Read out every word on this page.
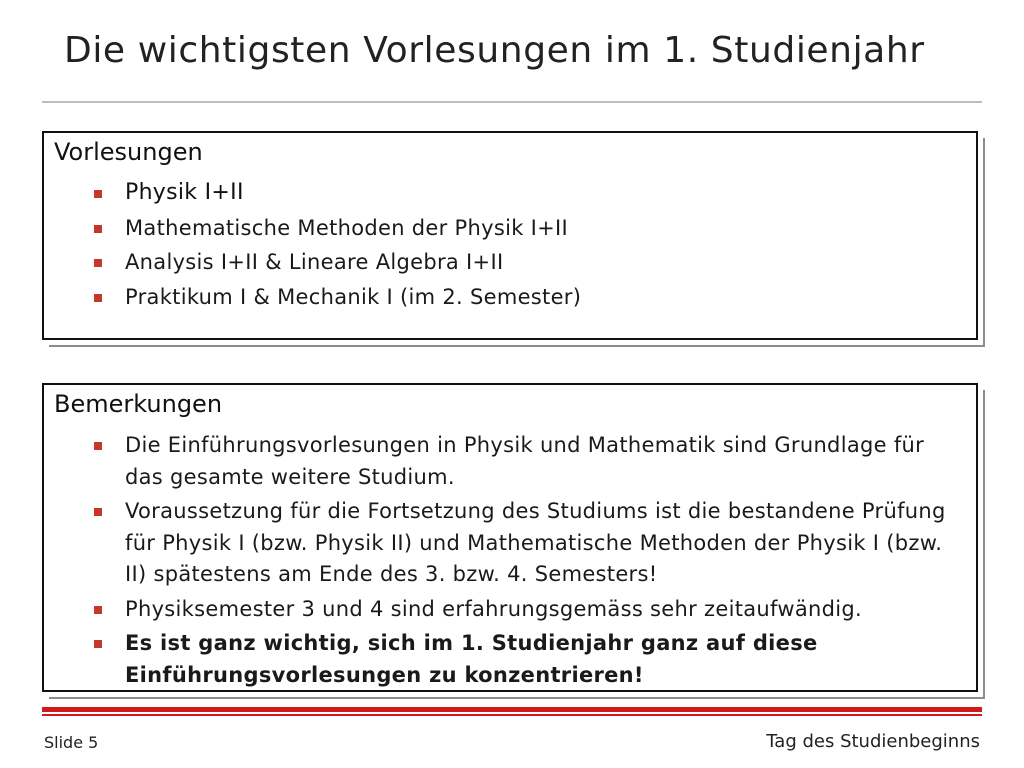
Die wichtigsten Vorlesungen im 1. Studienjahr
Vorlesungen
Physik I+II
Mathematische Methoden der Physik I+II
Analysis I+II & Lineare Algebra I+II
Praktikum I & Mechanik I (im 2. Semester)
Bemerkungen
Die Einführungsvorlesungen in Physik und Mathematik sind Grundlage für das gesamte weitere Studium.
Voraussetzung für die Fortsetzung des Studiums ist die bestandene Prüfung für Physik I (bzw. Physik II) und Mathematische Methoden der Physik I (bzw. II) spätestens am Ende des 3. bzw. 4. Semesters!
Physiksemester 3 und 4 sind erfahrungsgemäss sehr zeitaufwändig.
Es ist ganz wichtig, sich im 1. Studienjahr ganz auf diese Einführungsvorlesungen zu konzentrieren!
Slide 5	Tag des Studienbeginns
